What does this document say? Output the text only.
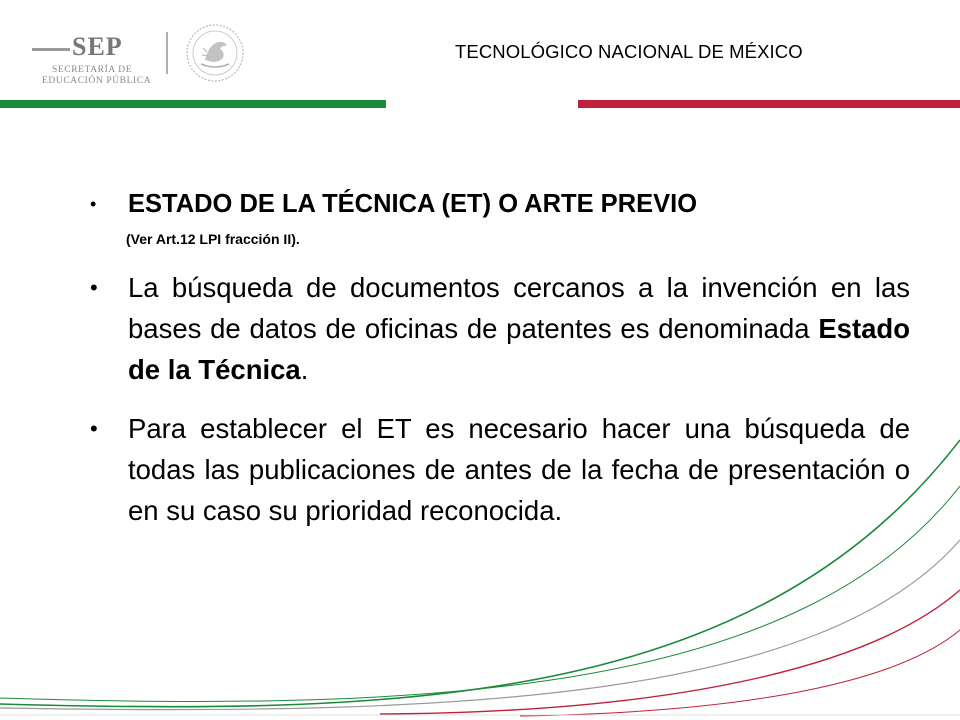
SEP
SECRETARÍA DE
EDUCACIÓN PÚBLICA
TECNOLÓGICO NACIONAL DE MÉXICO
• ESTADO DE LA TÉCNICA (ET) O ARTE PREVIO
(Ver Art.12 LPI fracción II).
• La búsqueda de documentos cercanos a la invención en las bases de datos de oficinas de patentes es denominada Estado de la Técnica.
• Para establecer el ET es necesario hacer una búsqueda de todas las publicaciones de antes de la fecha de presentación o en su caso su prioridad reconocida.
